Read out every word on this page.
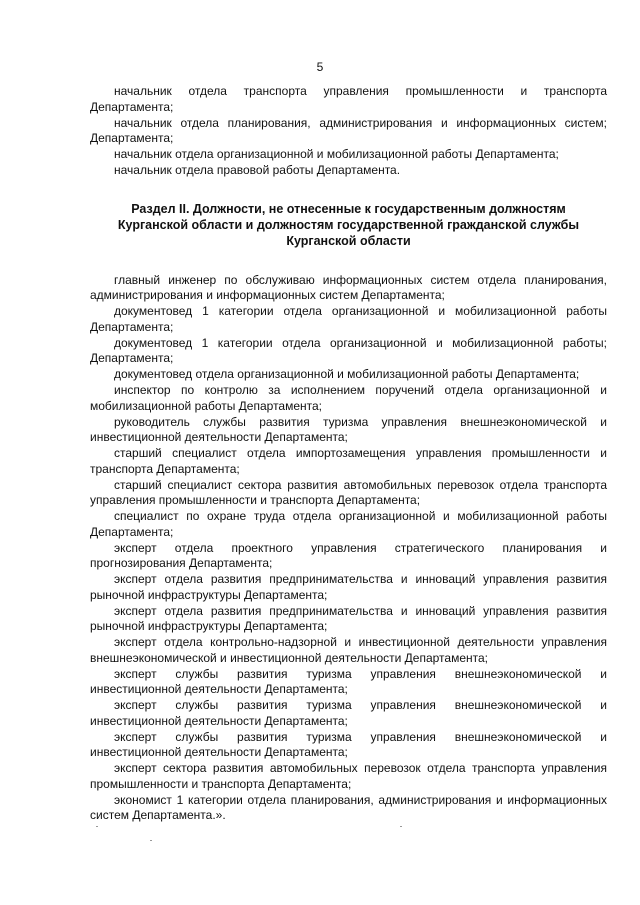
5

начальник отдела транспорта управления промышленности и транспорта Департамента;

начальник отдела планирования, администрирования и информационных систем; Департамента;

начальник отдела организационной и мобилизационной работы Департамента;

начальник отдела правовой работы Департамента.

Раздел II. Должности, не отнесенные к государственным должностям
Курганской области и должностям государственной гражданской службы
Курганской области

главный инженер по обслуживаю информационных систем отдела планирования, администрирования и информационных систем Департамента;

документовед 1 категории отдела организационной и мобилизационной работы Департамента;

документовед 1 категории отдела организационной и мобилизационной работы; Департамента;

документовед отдела организационной и мобилизационной работы Департамента;

инспектор по контролю за исполнением поручений отдела организационной и мобилизационной работы Департамента;

руководитель службы развития туризма управления внешнеэкономической и инвестиционной деятельности Департамента;

старший специалист отдела импортозамещения управления промышленности и транспорта Департамента;

старший специалист сектора развития автомобильных перевозок отдела транспорта управления промышленности и транспорта Департамента;

специалист по охране труда отдела организационной и мобилизационной работы Департамента;

эксперт отдела проектного управления стратегического планирования и прогнозирования Департамента;

эксперт отдела развития предпринимательства и инноваций управления развития рыночной инфраструктуры Департамента;

эксперт отдела развития предпринимательства и инноваций управления развития рыночной инфраструктуры Департамента;

эксперт отдела контрольно-надзорной и инвестиционной деятельности управления внешнеэкономической и инвестиционной деятельности Департамента;

эксперт службы развития туризма управления внешнеэкономической и инвестиционной деятельности Департамента;

эксперт службы развития туризма управления внешнеэкономической и инвестиционной деятельности Департамента;

эксперт службы развития туризма управления внешнеэкономической и инвестиционной деятельности Департамента;

эксперт сектора развития автомобильных перевозок отдела транспорта управления промышленности и транспорта Департамента;

экономист 1 категории отдела планирования, администрирования и информационных систем Департамента.».
